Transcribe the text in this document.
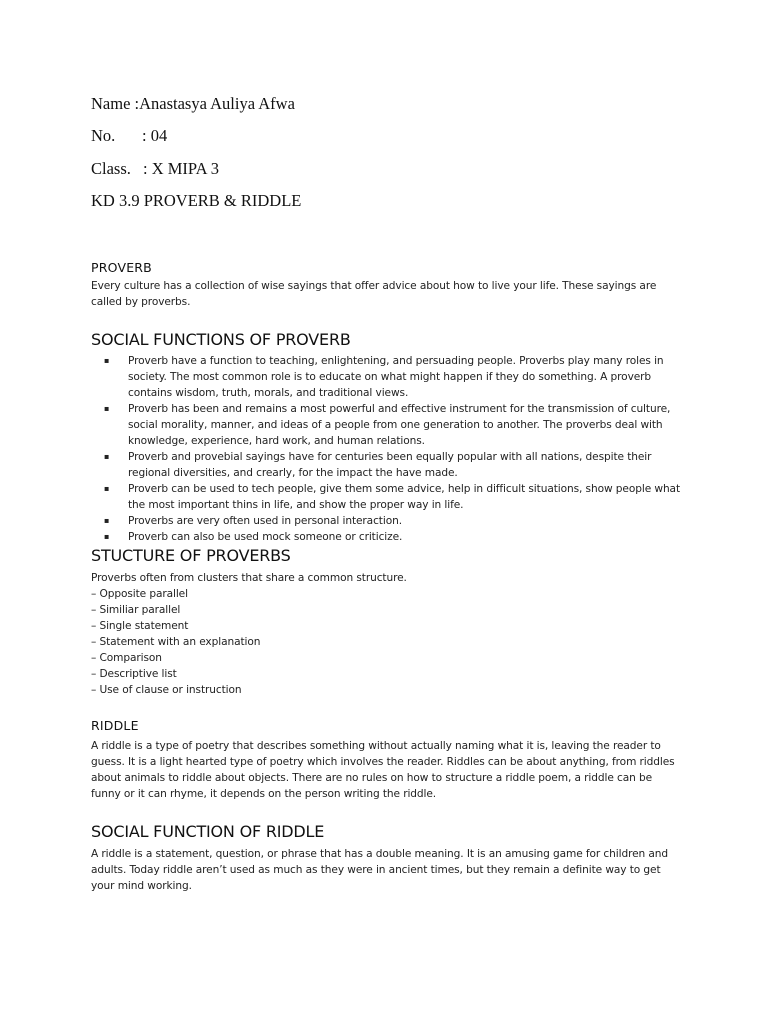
Name :Anastasya Auliya Afwa
No. : 04
Class. : X MIPA 3
KD 3.9 PROVERB & RIDDLE
PROVERB
Every culture has a collection of wise sayings that offer advice about how to live your life. These sayings are called by proverbs.
SOCIAL FUNCTIONS OF PROVERB
▪ Proverb have a function to teaching, enlightening, and persuading people. Proverbs play many roles in society. The most common role is to educate on what might happen if they do something. A proverb contains wisdom, truth, morals, and traditional views.
▪ Proverb has been and remains a most powerful and effective instrument for the transmission of culture, social morality, manner, and ideas of a people from one generation to another. The proverbs deal with knowledge, experience, hard work, and human relations.
▪ Proverb and provebial sayings have for centuries been equally popular with all nations, despite their regional diversities, and crearly, for the impact the have made.
▪ Proverb can be used to tech people, give them some advice, help in difficult situations, show people what the most important thins in life, and show the proper way in life.
▪ Proverbs are very often used in personal interaction.
▪ Proverb can also be used mock someone or criticize.
STUCTURE OF PROVERBS
Proverbs often from clusters that share a common structure.
– Opposite parallel
– Similiar parallel
– Single statement
– Statement with an explanation
– Comparison
– Descriptive list
– Use of clause or instruction
RIDDLE
A riddle is a type of poetry that describes something without actually naming what it is, leaving the reader to guess. It is a light hearted type of poetry which involves the reader. Riddles can be about anything, from riddles about animals to riddle about objects. There are no rules on how to structure a riddle poem, a riddle can be funny or it can rhyme, it depends on the person writing the riddle.
SOCIAL FUNCTION OF RIDDLE
A riddle is a statement, question, or phrase that has a double meaning. It is an amusing game for children and adults. Today riddle aren’t used as much as they were in ancient times, but they remain a definite way to get your mind working.
